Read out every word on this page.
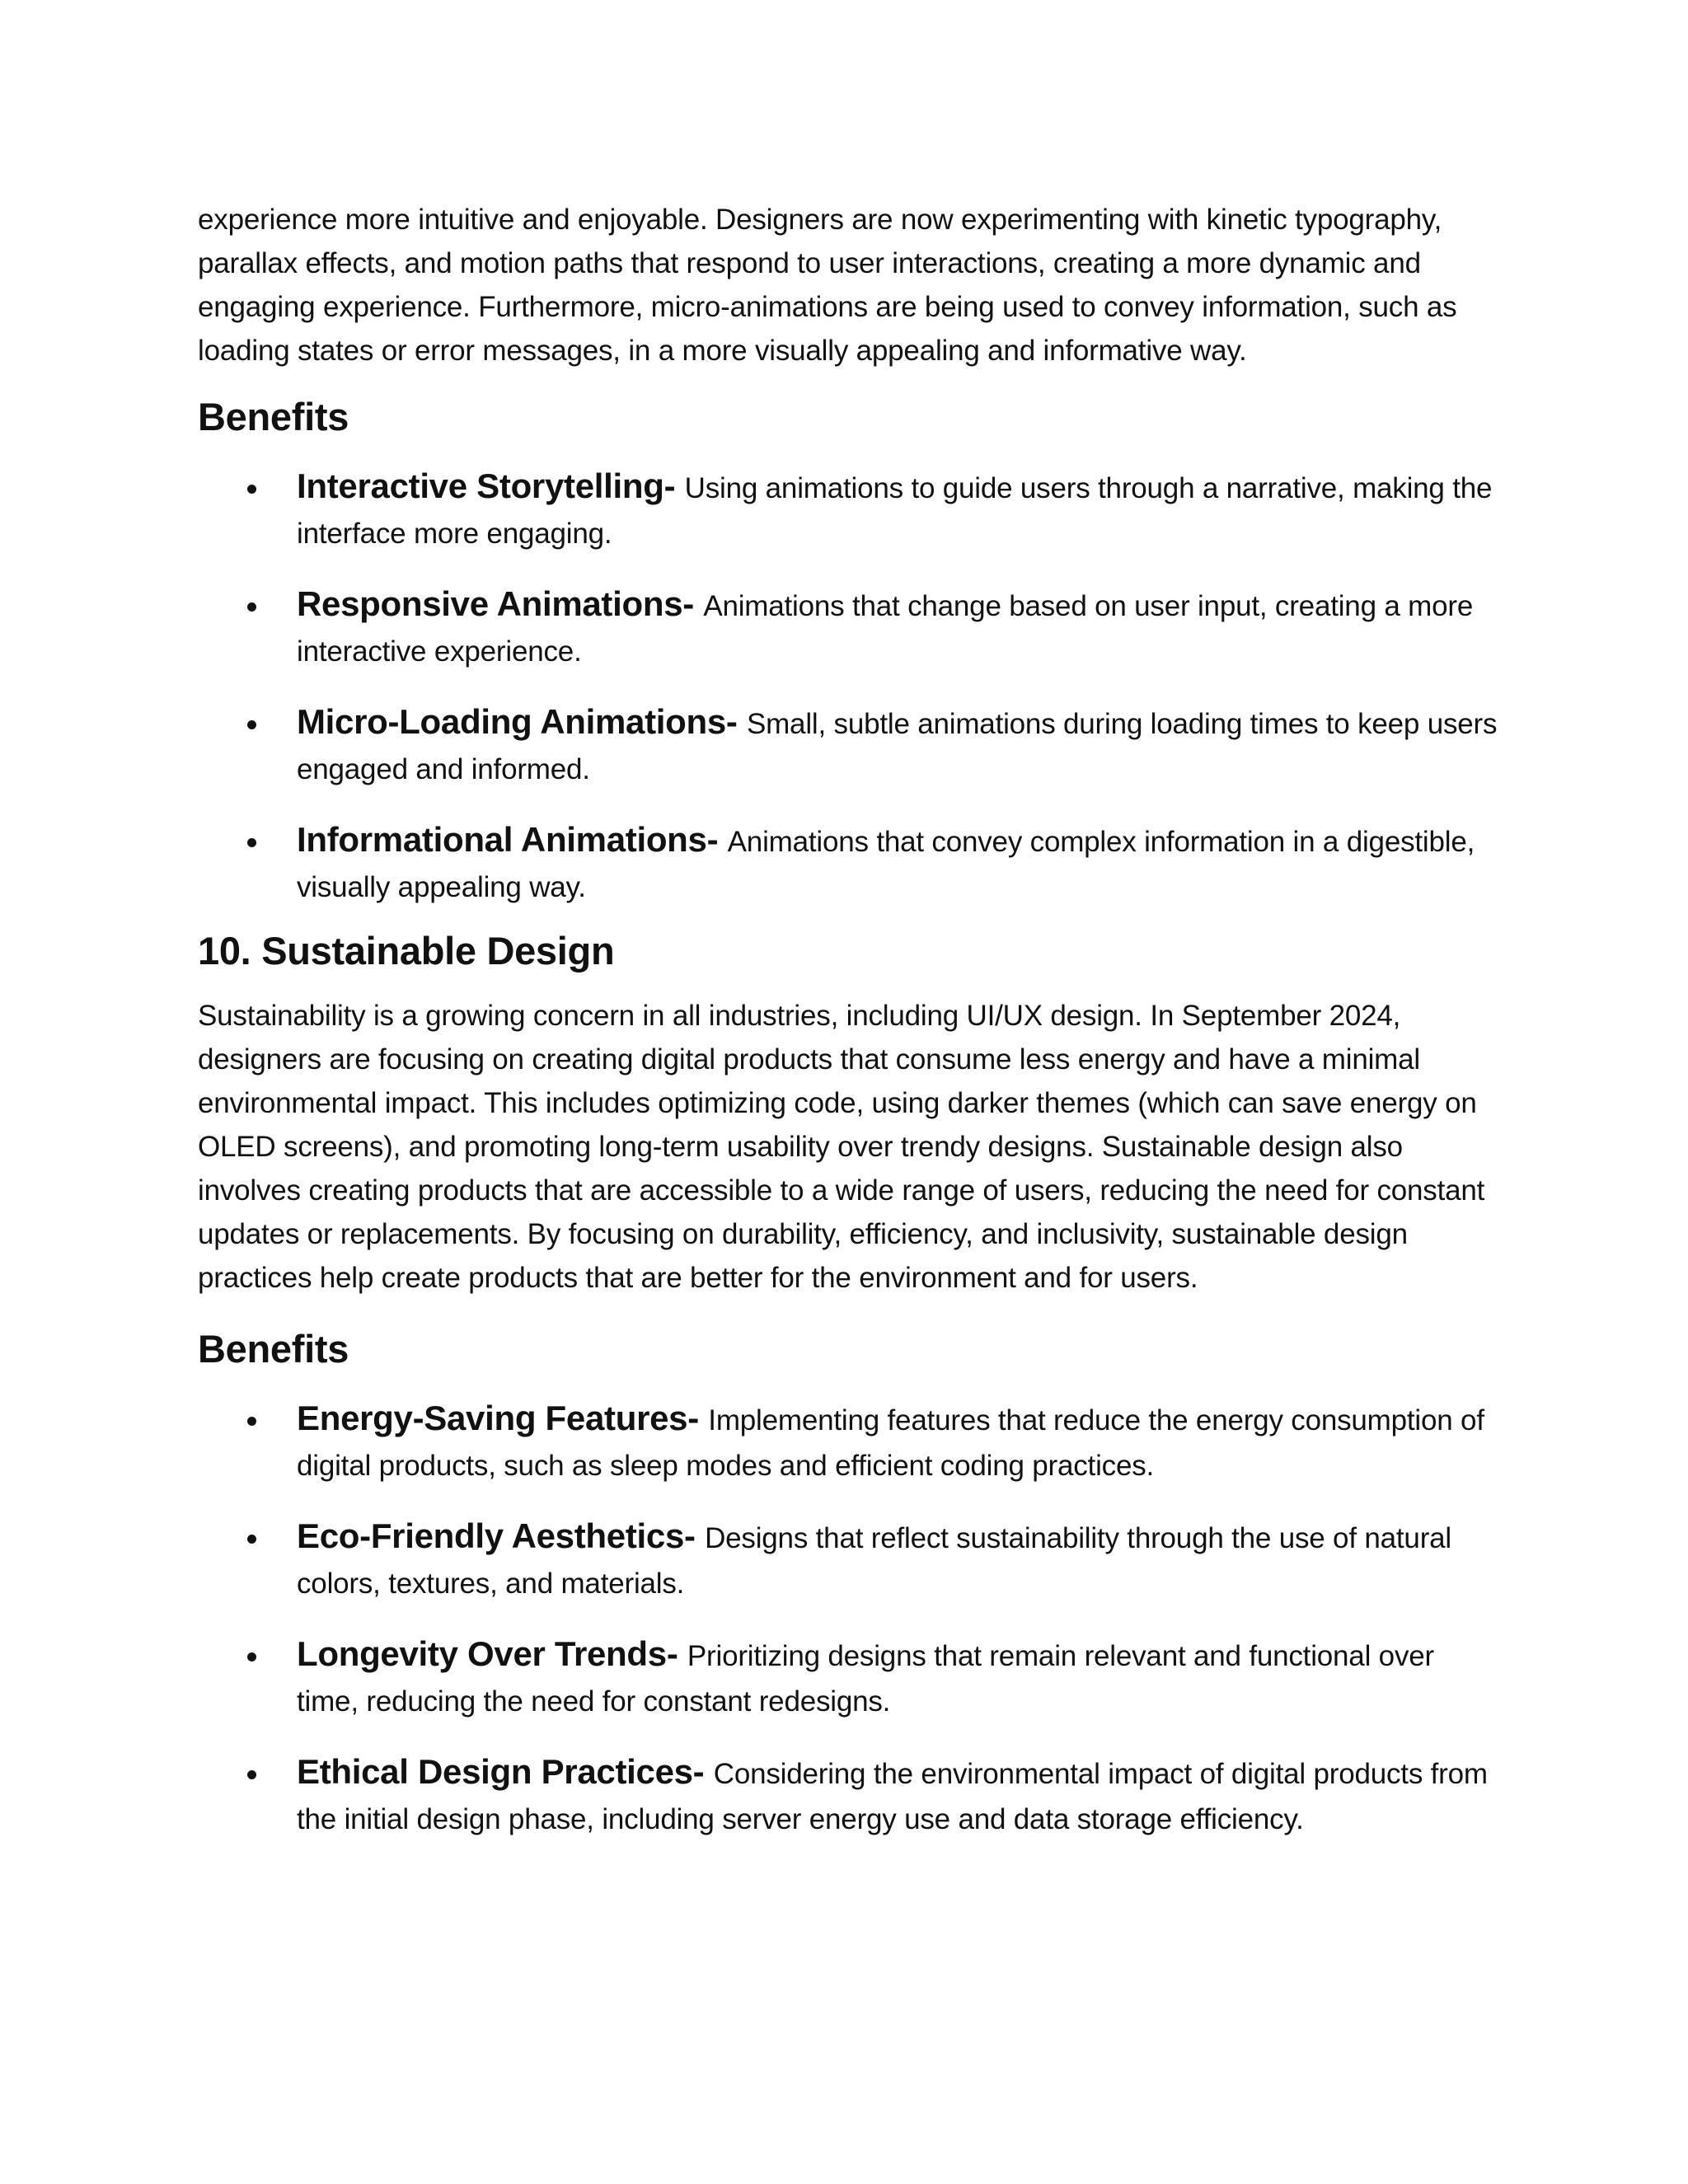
experience more intuitive and enjoyable. Designers are now experimenting with kinetic typography, parallax effects, and motion paths that respond to user interactions, creating a more dynamic and engaging experience. Furthermore, micro-animations are being used to convey information, such as loading states or error messages, in a more visually appealing and informative way.

Benefits
Interactive Storytelling- Using animations to guide users through a narrative, making the interface more engaging.
Responsive Animations- Animations that change based on user input, creating a more interactive experience.
Micro-Loading Animations- Small, subtle animations during loading times to keep users engaged and informed.
Informational Animations- Animations that convey complex information in a digestible, visually appealing way.
10. Sustainable Design

Sustainability is a growing concern in all industries, including UI/UX design. In September 2024, designers are focusing on creating digital products that consume less energy and have a minimal environmental impact. This includes optimizing code, using darker themes (which can save energy on OLED screens), and promoting long-term usability over trendy designs. Sustainable design also involves creating products that are accessible to a wide range of users, reducing the need for constant updates or replacements. By focusing on durability, efficiency, and inclusivity, sustainable design practices help create products that are better for the environment and for users.

Benefits
Energy-Saving Features- Implementing features that reduce the energy consumption of digital products, such as sleep modes and efficient coding practices.
Eco-Friendly Aesthetics- Designs that reflect sustainability through the use of natural colors, textures, and materials.
Longevity Over Trends- Prioritizing designs that remain relevant and functional over time, reducing the need for constant redesigns.
Ethical Design Practices- Considering the environmental impact of digital products from the initial design phase, including server energy use and data storage efficiency.
